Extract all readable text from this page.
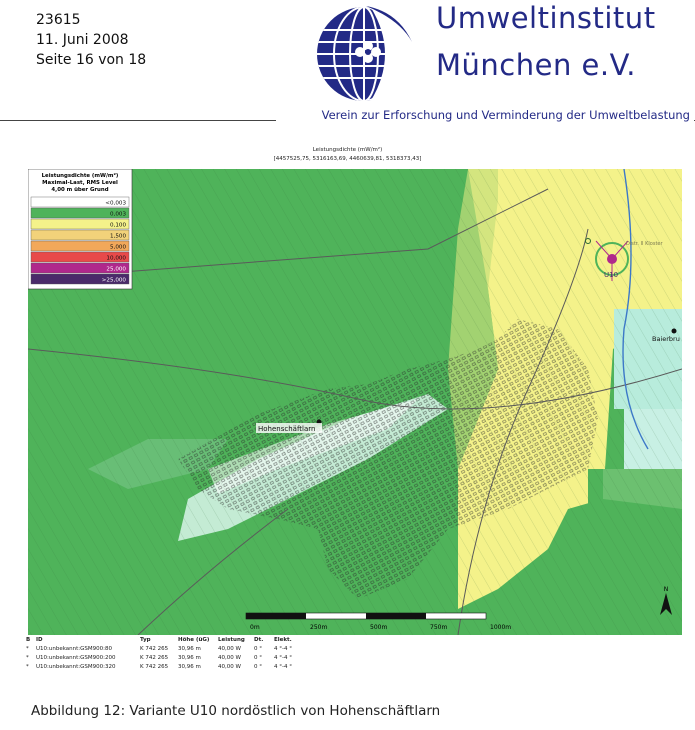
23615
11. Juni 2008
Seite 16 von 18
Umweltinstitut
München e.V.
Verein zur Erforschung und Verminderung der Umweltbelastung
Leistungsdichte (mW/m²)
[4457525,75, 5316163,69, 4460639,81, 5318373,43]
Hohenschäftlarn
U10
Distr. II Kloster
Baierbru
Leistungsdichte (mW/m²)
Maximal-Last, RMS Level
4,00 m über Grund
<0,003
0,003
0,100
1,500
5,000
10,000
25,000
>25,000
0m	250m	500m	750m	1000m
N
B	ID	Typ	Höhe (üG)	Leistung	Dt.	Elekt.
*	U10:unbekannt:GSM900:80	K 742 265	30,96 m	40,00 W	0 °	4 °-4 °
*	U10:unbekannt:GSM900:200	K 742 265	30,96 m	40,00 W	0 °	4 °-4 °
*	U10:unbekannt:GSM900:320	K 742 265	30,96 m	40,00 W	0 °	4 °-4 °
Abbildung 12: Variante U10 nordöstlich von Hohenschäftlarn
